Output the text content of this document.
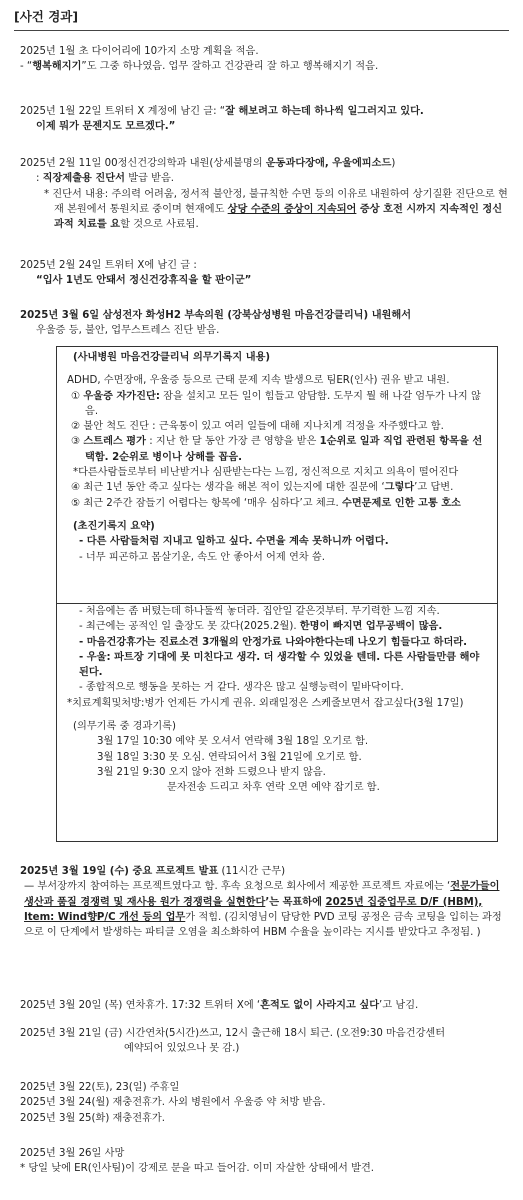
[사건 경과]
2025년 1월 초 다이어리에 10가지 소망 계획을 적음.
- “행복해지기”도 그중 하나였음. 업무 잘하고 건강관리 잘 하고 행복해지기 적음.
2025년 1월 22일 트위터 X 계정에 남긴 글: “잘 해보려고 하는데 하나씩 일그러지고 있다.
이제 뭐가 문젠지도 모르겠다.”
2025년 2월 11일 00정신건강의학과 내원(상세불명의 운동과다장애, 우울에피소드)
: 직장제출용 진단서 발급 받음.
* 진단서 내용: 주의력 어려움, 정서적 불안정, 불규칙한 수면 등의 이유로 내원하여 상기질환 진단으로 현재 본원에서 통원치료 중이며 현재에도 상당 수준의 증상이 지속되어 증상 호전 시까지 지속적인 정신과적 치료를 요할 것으로 사료됨.
2025년 2월 24일 트위터 X에 남긴 글 :
“입사 1년도 안돼서 정신건강휴직을 할 판이군”
2025년 3월 6일 삼성전자 화성H2 부속의원 (강북삼성병원 마음건강클리닉) 내원해서
우울증 등, 불안, 업무스트레스 진단 받음.
(사내병원 마음건강클리닉 의무기록지 내용)
ADHD, 수면장애, 우울증 등으로 근태 문제 지속 발생으로 팀ER(인사) 권유 받고 내원.
① 우울증 자가진단: 잠을 설치고 모든 일이 힘들고 암담함. 도무지 뭘 해 나갈 엄두가 나지 않음.
② 불안 척도 진단 : 근육통이 있고 여러 일들에 대해 지나치게 걱정을 자주했다고 함.
③ 스트레스 평가 : 지난 한 달 동안 가장 큰 영향을 받은 1순위로 일과 직업 관련된 항목을 선택함. 2순위로 병이나 상해를 꼽음.
*다른사람들로부터 비난받거나 심판받는다는 느낌, 정신적으로 지치고 의욕이 떨어진다
④ 최근 1년 동안 죽고 싶다는 생각을 해본 적이 있는지에 대한 질문에 ‘그렇다’고 답변.
⑤ 최근 2주간 잠들기 어렵다는 항목에 ‘매우 심하다’고 체크. 수면문제로 인한 고통 호소
(초진기록지 요약)
- 다른 사람들처럼 지내고 일하고 싶다. 수면을 계속 못하니까 어렵다.
- 너무 피곤하고 몸살기운, 속도 안 좋아서 어제 연차 씀.
- 처음에는 좀 버텼는데 하나둘씩 놓더라. 집안일 같은것부터. 무기력한 느낌 지속.
- 최근에는 공적인 일 출장도 못 갔다(2025.2월). 한명이 빠지면 업무공백이 많음.
- 마음건강휴가는 진료소견 3개월의 안정가료 나와야한다는데 나오기 힘들다고 하더라.
- 우울: 파트장 기대에 못 미친다고 생각. 더 생각할 수 있었을 텐데. 다른 사람들만큼 해야 된다.
- 종합적으로 행동을 못하는 거 같다. 생각은 많고 실행능력이 밑바닥이다.
*치료계획및처방:병가 언제든 가시게 권유. 외래일정은 스케줄보면서 잡고싶다(3월 17일)
(의무기록 중 경과기록)
3월 17일 10:30 예약 못 오셔서 연락해 3월 18일 오기로 함.
3월 18일 3:30 못 오심. 연락되어서 3월 21일에 오기로 함.
3월 21일 9:30 오지 않아 전화 드렸으나 받지 않음.
문자전송 드리고 차후 연락 오면 예약 잡기로 함.
2025년 3월 19일 (수) 중요 프로젝트 발표 (11시간 근무)
— 부서장까지 참여하는 프로젝트였다고 함. 후속 요청으로 회사에서 제공한 프로젝트 자료에는 ‘전문가들이 생산과 품질 경쟁력 및 재사용 원가 경쟁력을 실현한다’는 목표하에 2025년 집중업무로 D/F (HBM), Item: Wind향P/C 개선 등의 업무가 적힘. (김치영님이 담당한 PVD 코팅 공정은 금속 코팅을 입히는 과정으로 이 단계에서 발생하는 파티클 오염을 최소화하여 HBM 수율을 높이라는 지시를 받았다고 추정됨. )
2025년 3월 20일 (목) 연차휴가. 17:32 트위터 X에 ‘흔적도 없이 사라지고 싶다’고 남김.
2025년 3월 21일 (금) 시간연차(5시간)쓰고, 12시 출근해 18시 퇴근. (오전9:30 마음건강센터
예약되어 있었으나 못 감.)
2025년 3월 22(토), 23(일) 주휴일
2025년 3월 24(월) 재충전휴가. 사외 병원에서 우울증 약 처방 받음.
2025년 3월 25(화) 재충전휴가.
2025년 3월 26일 사망
* 당일 낮에 ER(인사팀)이 강제로 문을 따고 들어감. 이미 자살한 상태에서 발견.
